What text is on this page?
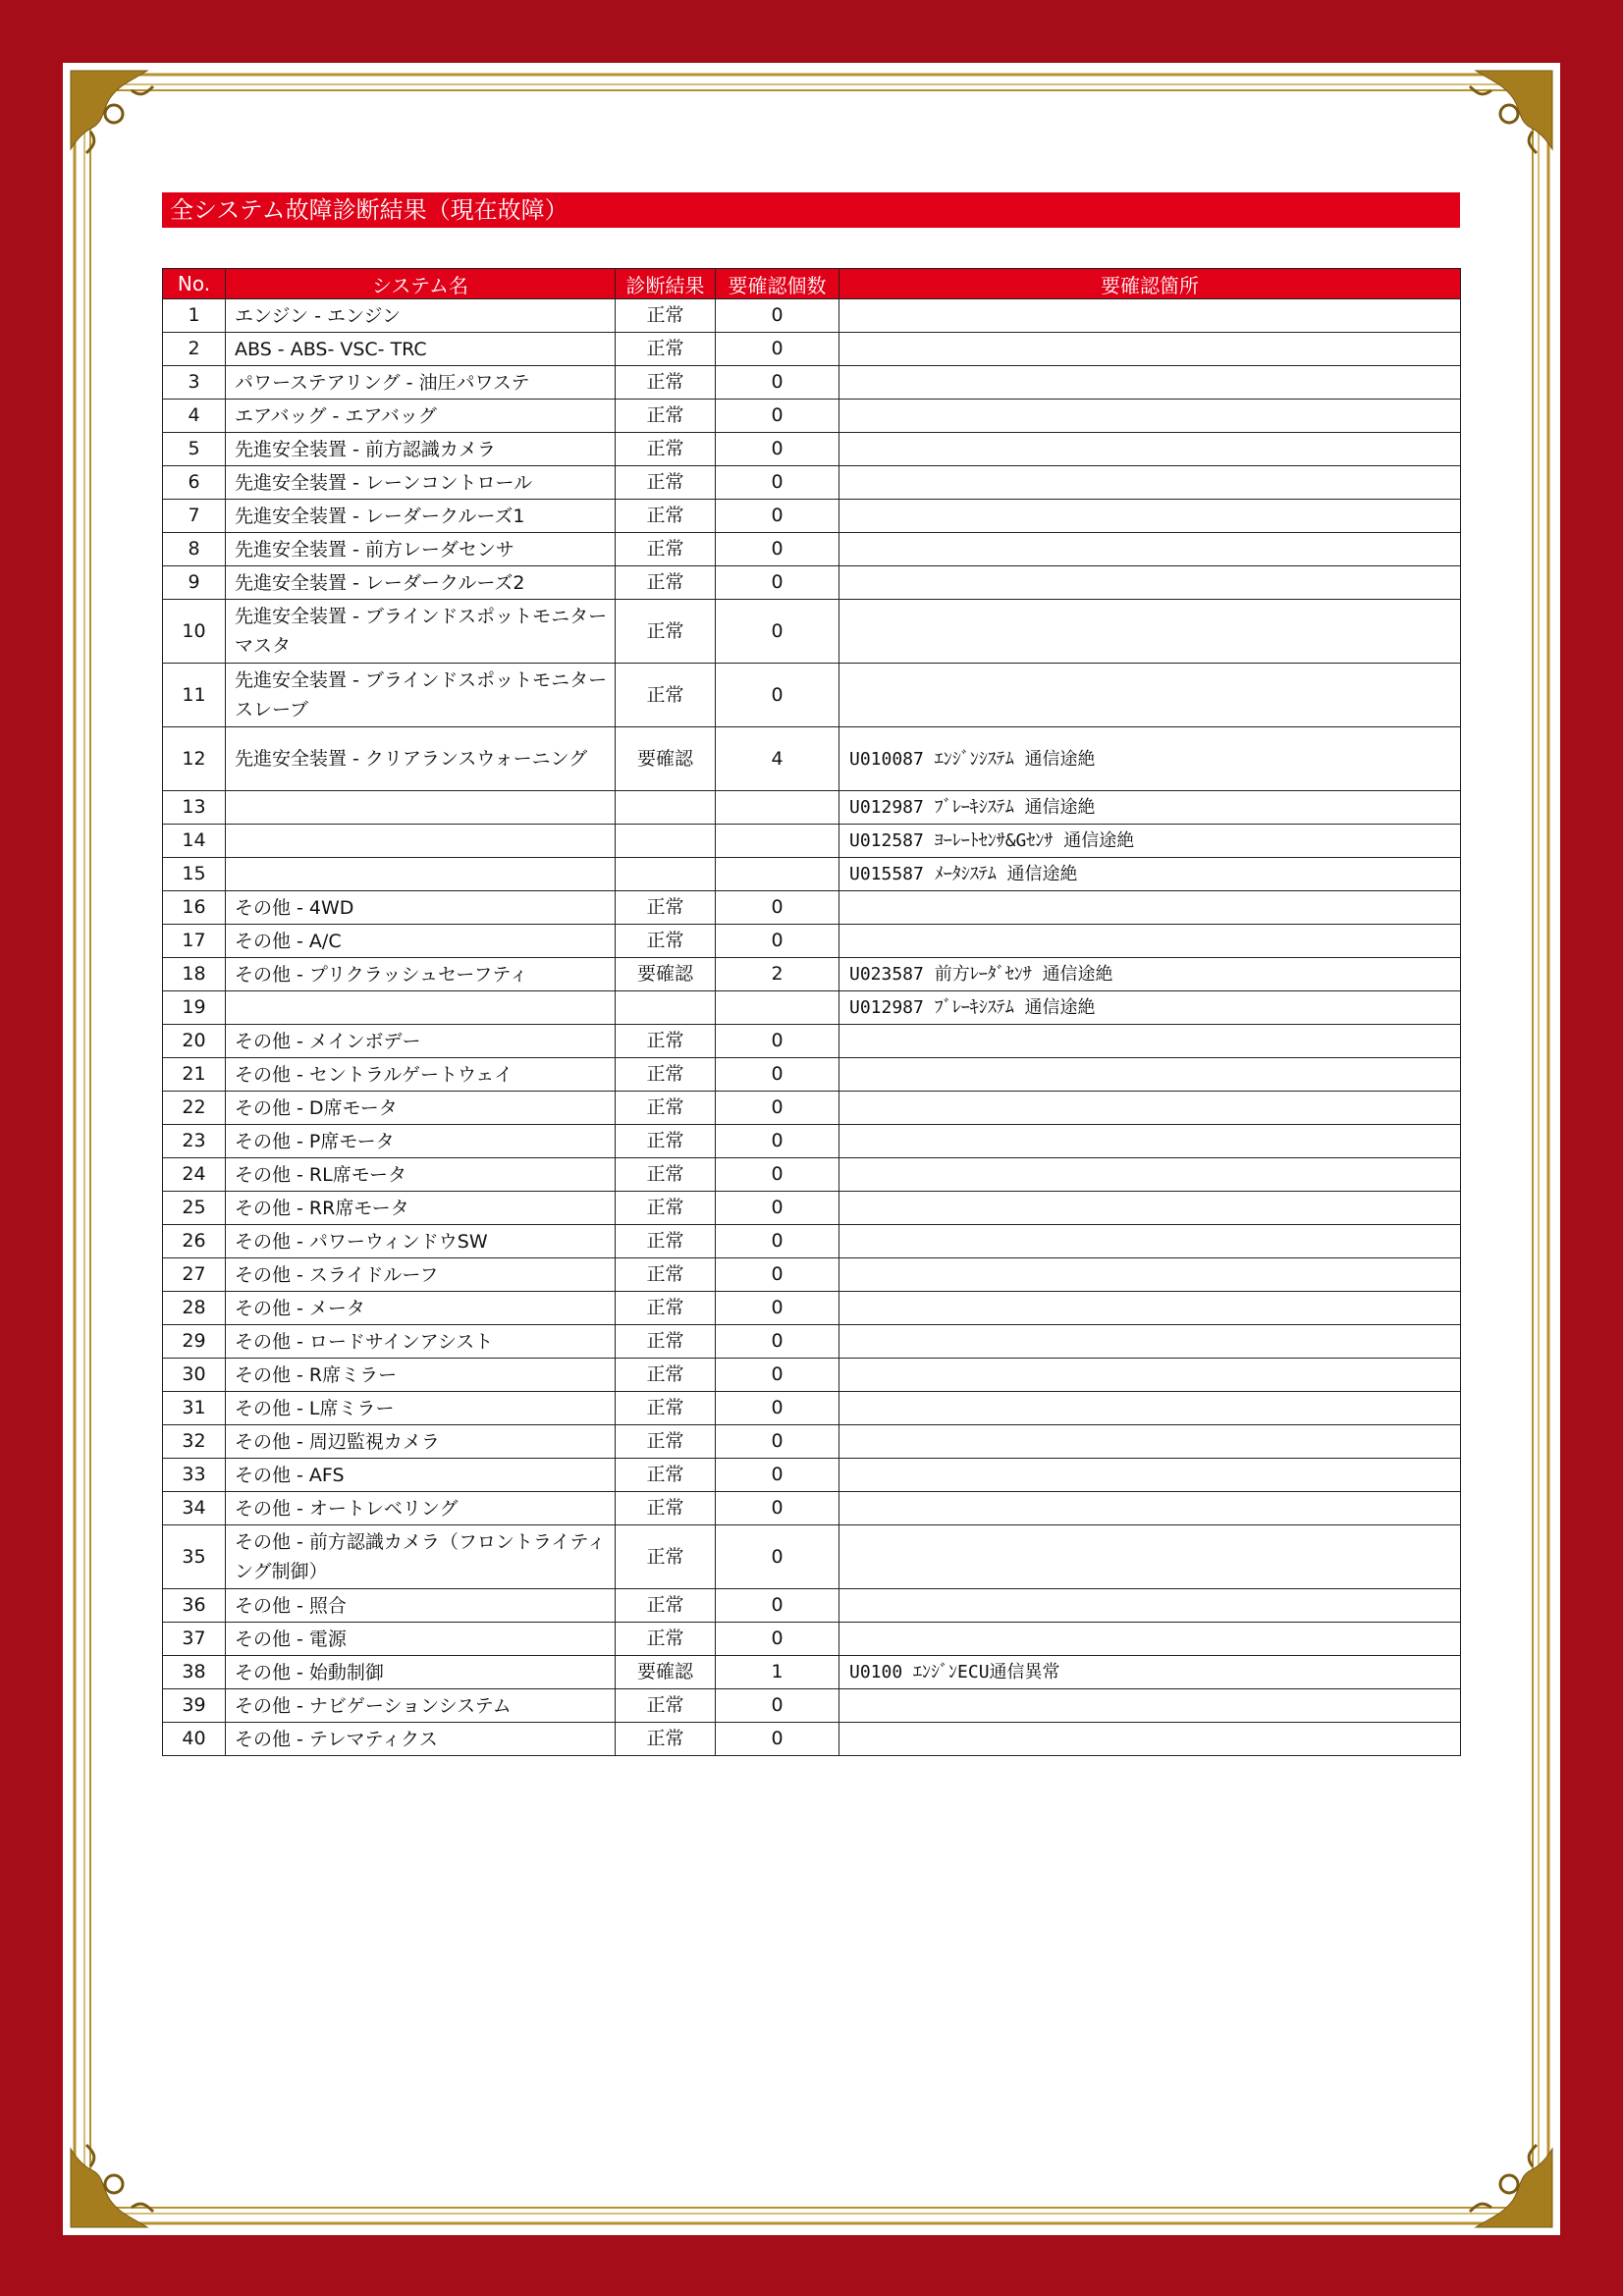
全システム故障診断結果（現在故障）
No.	システム名	診断結果	要確認個数	要確認箇所
1	エンジン - エンジン	正常	0	
2	ABS - ABS- VSC- TRC	正常	0	
3	パワーステアリング - 油圧パワステ	正常	0	
4	エアバッグ - エアバッグ	正常	0	
5	先進安全装置 - 前方認識カメラ	正常	0	
6	先進安全装置 - レーンコントロール	正常	0	
7	先進安全装置 - レーダークルーズ1	正常	0	
8	先進安全装置 - 前方レーダセンサ	正常	0	
9	先進安全装置 - レーダークルーズ2	正常	0	
10	先進安全装置 - ブラインドスポットモニター マスタ	正常	0	
11	先進安全装置 - ブラインドスポットモニター スレーブ	正常	0	
12	先進安全装置 - クリアランスウォーニング	要確認	4	U010087 ｴﾝｼﾞﾝｼｽﾃﾑ 通信途絶
13				U012987 ﾌﾞﾚｰｷｼｽﾃﾑ 通信途絶
14				U012587 ﾖｰﾚｰﾄｾﾝｻ&Gｾﾝｻ 通信途絶
15				U015587 ﾒｰﾀｼｽﾃﾑ 通信途絶
16	その他 - 4WD	正常	0	
17	その他 - A/C	正常	0	
18	その他 - プリクラッシュセーフティ	要確認	2	U023587 前方ﾚｰﾀﾞｾﾝｻ 通信途絶
19				U012987 ﾌﾞﾚｰｷｼｽﾃﾑ 通信途絶
20	その他 - メインボデー	正常	0	
21	その他 - セントラルゲートウェイ	正常	0	
22	その他 - D席モータ	正常	0	
23	その他 - P席モータ	正常	0	
24	その他 - RL席モータ	正常	0	
25	その他 - RR席モータ	正常	0	
26	その他 - パワーウィンドウSW	正常	0	
27	その他 - スライドルーフ	正常	0	
28	その他 - メータ	正常	0	
29	その他 - ロードサインアシスト	正常	0	
30	その他 - R席ミラー	正常	0	
31	その他 - L席ミラー	正常	0	
32	その他 - 周辺監視カメラ	正常	0	
33	その他 - AFS	正常	0	
34	その他 - オートレベリング	正常	0	
35	その他 - 前方認識カメラ（フロントライティング制御）	正常	0	
36	その他 - 照合	正常	0	
37	その他 - 電源	正常	0	
38	その他 - 始動制御	要確認	1	U0100 ｴﾝｼﾞﾝECU通信異常
39	その他 - ナビゲーションシステム	正常	0	
40	その他 - テレマティクス	正常	0	
